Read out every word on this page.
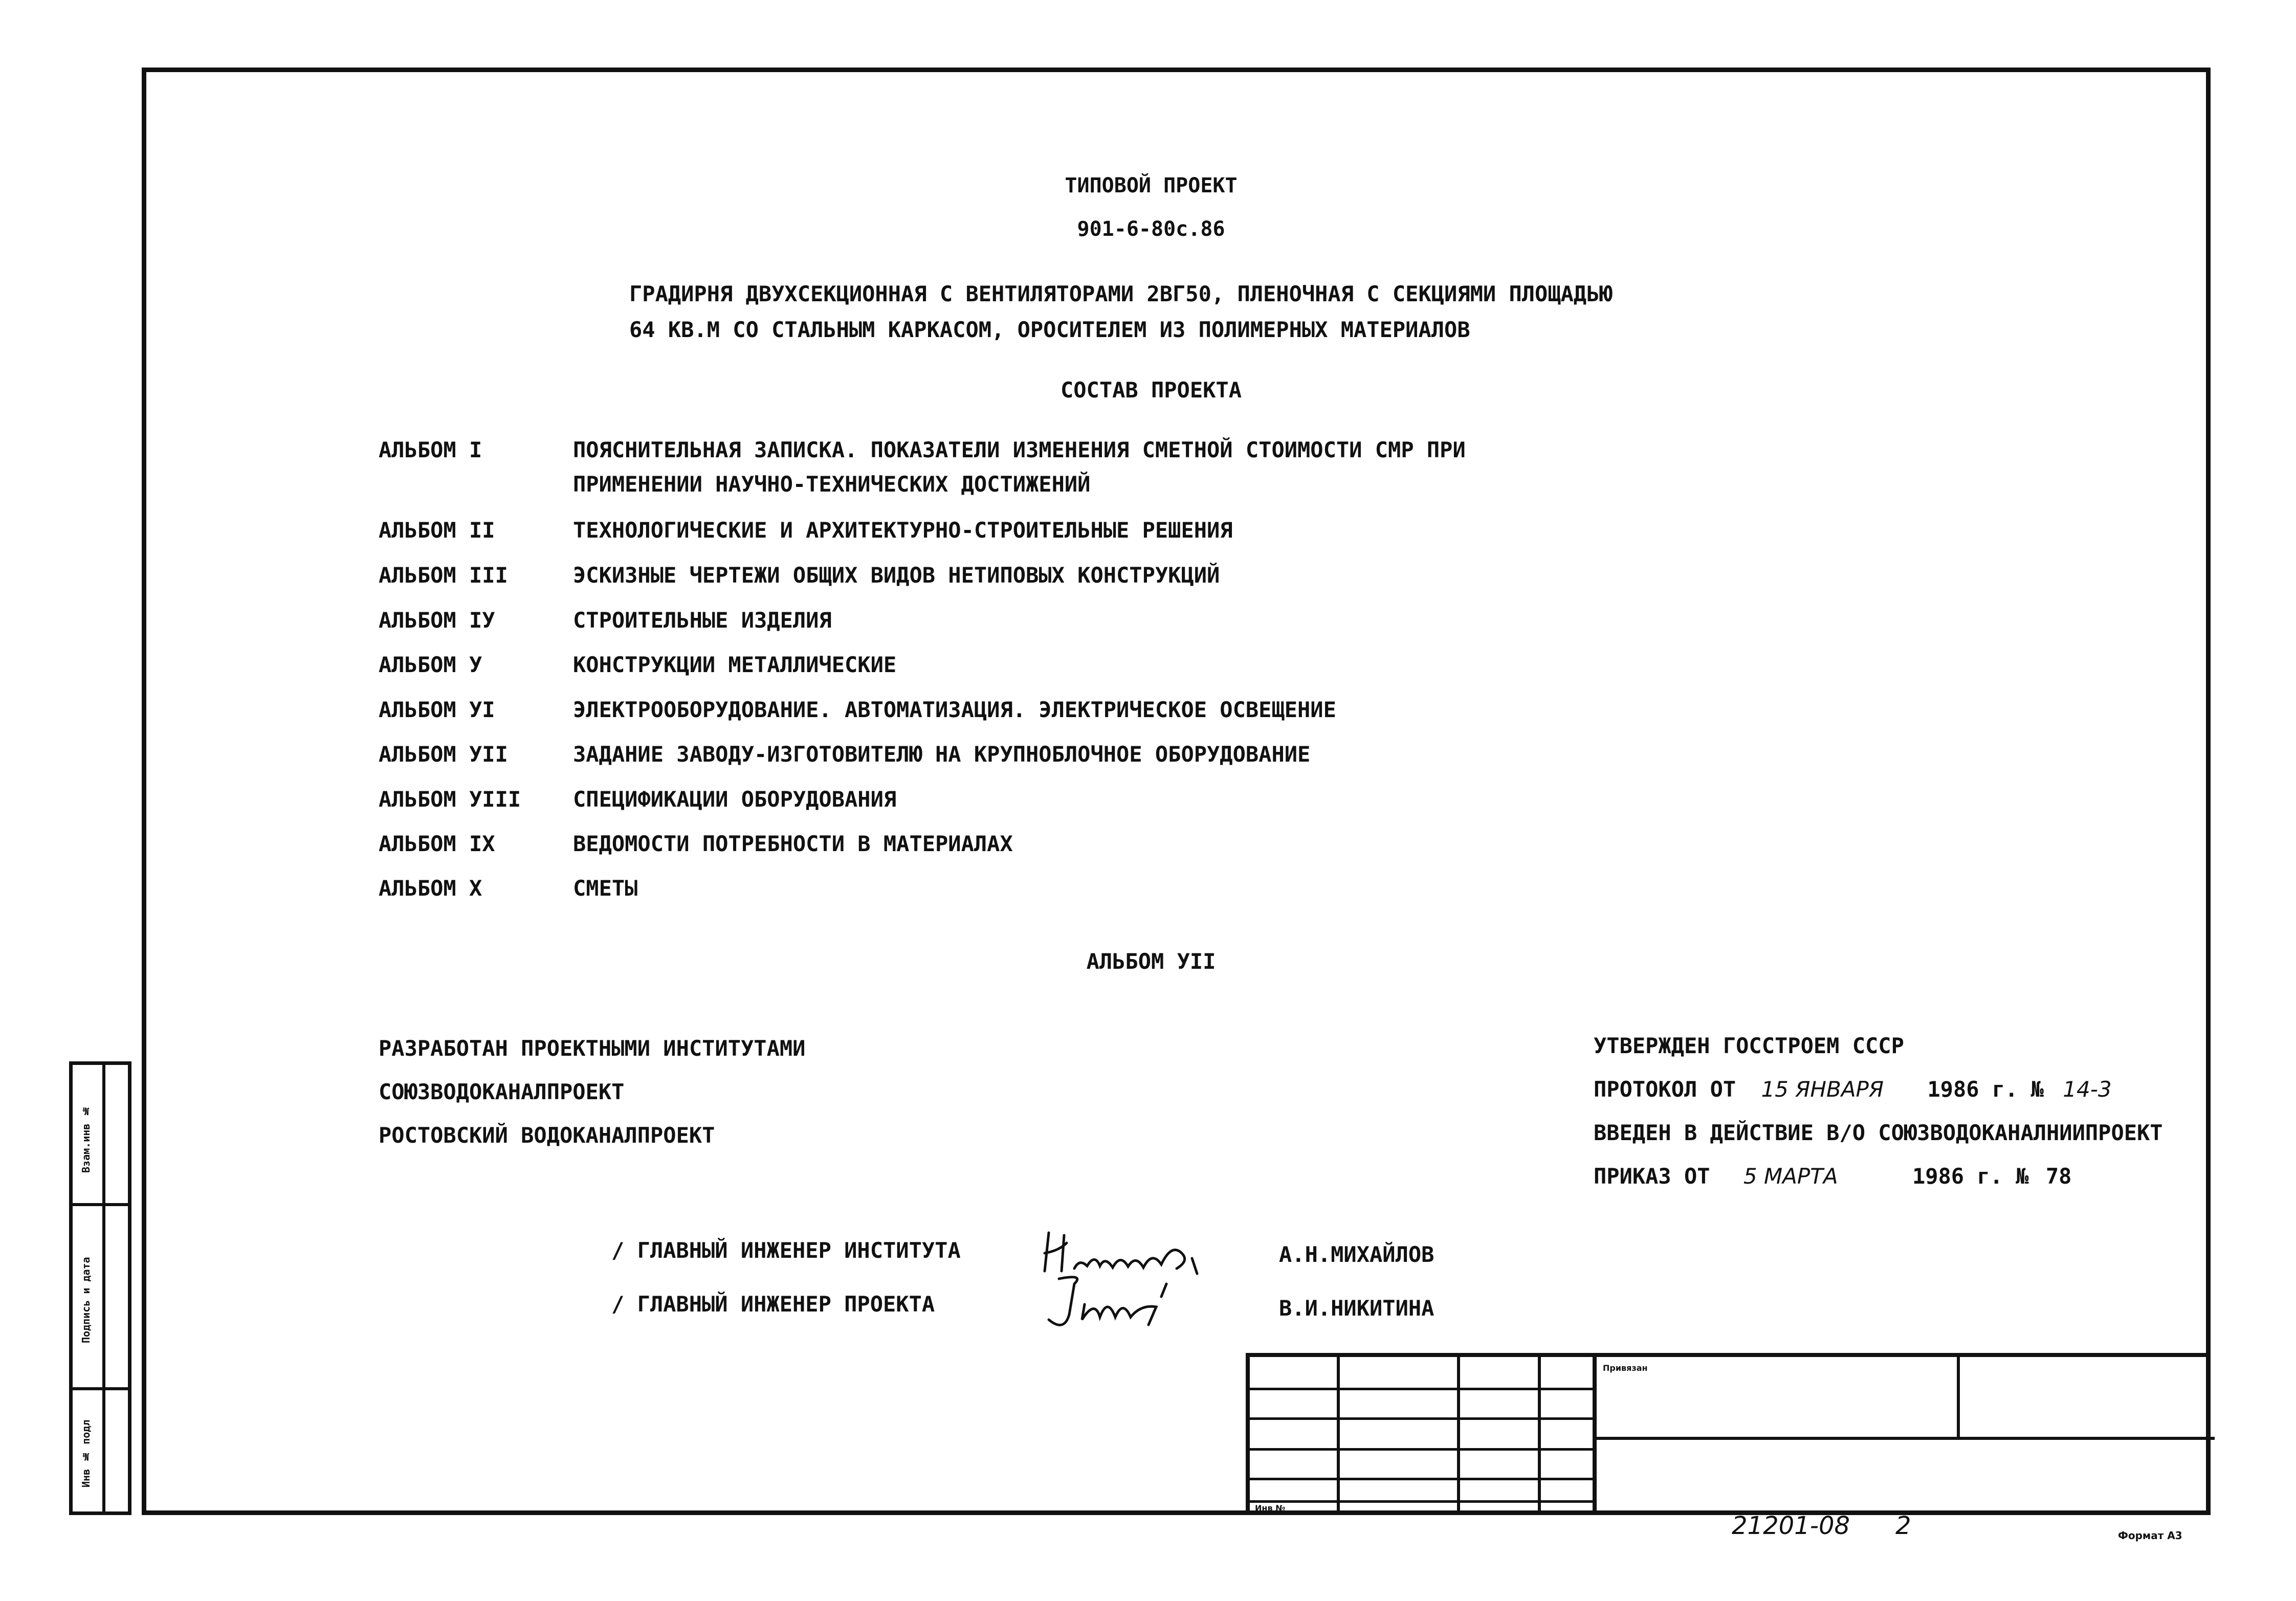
Взам.инв №
Подпись и дата
Инв № подл
ТИПОВОЙ ПРОЕКТ
901-6-80с.86
ГРАДИРНЯ ДВУХСЕКЦИОННАЯ С ВЕНТИЛЯТОРАМИ 2ВГ50, ПЛЕНОЧНАЯ С СЕКЦИЯМИ ПЛОЩАДЬЮ
64 КВ.М СО СТАЛЬНЫМ КАРКАСОМ, ОРОСИТЕЛЕМ ИЗ ПОЛИМЕРНЫХ МАТЕРИАЛОВ
СОСТАВ ПРОЕКТА
АЛЬБОМ I	ПОЯСНИТЕЛЬНАЯ ЗАПИСКА. ПОКАЗАТЕЛИ ИЗМЕНЕНИЯ СМЕТНОЙ СТОИМОСТИ СМР ПРИ
ПРИМЕНЕНИИ НАУЧНО-ТЕХНИЧЕСКИХ ДОСТИЖЕНИЙ
АЛЬБОМ II	ТЕХНОЛОГИЧЕСКИЕ И АРХИТЕКТУРНО-СТРОИТЕЛЬНЫЕ РЕШЕНИЯ
АЛЬБОМ III	ЭСКИЗНЫЕ ЧЕРТЕЖИ ОБЩИХ ВИДОВ НЕТИПОВЫХ КОНСТРУКЦИЙ
АЛЬБОМ IУ	СТРОИТЕЛЬНЫЕ ИЗДЕЛИЯ
АЛЬБОМ У	КОНСТРУКЦИИ МЕТАЛЛИЧЕСКИЕ
АЛЬБОМ УI	ЭЛЕКТРООБОРУДОВАНИЕ. АВТОМАТИЗАЦИЯ. ЭЛЕКТРИЧЕСКОЕ ОСВЕЩЕНИЕ
АЛЬБОМ УII	ЗАДАНИЕ ЗАВОДУ-ИЗГОТОВИТЕЛЮ НА КРУПНОБЛОЧНОЕ ОБОРУДОВАНИЕ
АЛЬБОМ УIII СПЕЦИФИКАЦИИ ОБОРУДОВАНИЯ
АЛЬБОМ IX	ВЕДОМОСТИ ПОТРЕБНОСТИ В МАТЕРИАЛАХ
АЛЬБОМ X	СМЕТЫ
АЛЬБОМ УII
РАЗРАБОТАН ПРОЕКТНЫМИ ИНСТИТУТАМИ
СОЮЗВОДОКАНАЛПРОЕКТ
РОСТОВСКИЙ ВОДОКАНАЛПРОЕКТ
УТВЕРЖДЕН ГОССТРОЕМ СССР
ПРОТОКОЛ ОТ 15 ЯНВАРЯ 1986 г. № 14-3
ВВЕДЕН В ДЕЙСТВИЕ В/О СОЮЗВОДОКАНАЛНИИПРОЕКТ
ПРИКАЗ ОТ 5 МАРТА	1986 г. № 78
/ ГЛАВНЫЙ ИНЖЕНЕР ИНСТИТУТА	А.Н.МИХАЙЛОВ
/ ГЛАВНЫЙ ИНЖЕНЕР ПРОЕКТА	В.И.НИКИТИНА
Привязан
Инв №
21201-08 2	Формат А3
